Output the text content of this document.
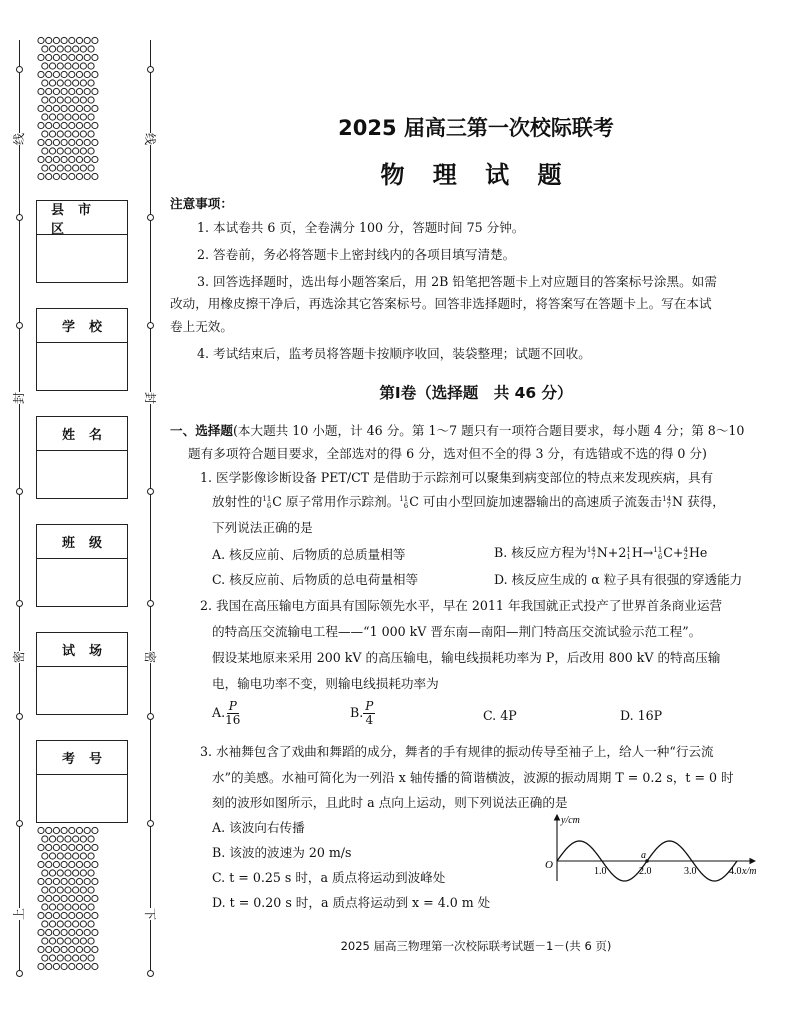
线	线
封	封
密	密
上	下
县市区
学校
姓名
班级
试场
考号
2025 届高三第一次校际联考
物 理 试 题
注意事项：
1. 本试卷共 6 页，全卷满分 100 分，答题时间 75 分钟。
2. 答卷前，务必将答题卡上密封线内的各项目填写清楚。
3. 回答选择题时，选出每小题答案后，用 2B 铅笔把答题卡上对应题目的答案标号涂黑。如需
改动，用橡皮擦干净后，再选涂其它答案标号。回答非选择题时，将答案写在答题卡上。写在本试
卷上无效。
4. 考试结束后，监考员将答题卡按顺序收回，装袋整理；试题不回收。
第Ⅰ卷（选择题　共 46 分）
一、选择题(本大题共 10 小题，计 46 分。第 1～7 题只有一项符合题目要求，每小题 4 分；第 8～10
题有多项符合题目要求，全部选对的得 6 分，选对但不全的得 3 分，有选错或不选的得 0 分)
1. 医学影像诊断设备 PET/CT 是借助于示踪剂可以聚集到病变部位的特点来发现疾病，具有
放射性的 11
6 C 原子常用作示踪剂。 11
6 C 可由小型回旋加速器输出的高速质子流轰击 14
7 N 获得，
下列说法正确的是
A. 核反应前、后物质的总质量相等	B. 核反应方程为 14
7 N+2 1
1 H→ 11
6 C+ 4
2 He
C. 核反应前、后物质的总电荷量相等	D. 核反应生成的 α 粒子具有很强的穿透能力
2. 我国在高压输电方面具有国际领先水平，早在 2011 年我国就正式投产了世界首条商业运营
的特高压交流输电工程——“1 000 kV 晋东南—南阳—荆门特高压交流试验示范工程”。
假设某地原来采用 200 kV 的高压输电，输电线损耗功率为 P，后改用 800 kV 的特高压输
电，输电功率不变，则输电线损耗功率为
A. $\frac{P}{16}$	B. $\frac{P}{4}$	C. 4P	D. 16P
3. 水袖舞包含了戏曲和舞蹈的成分，舞者的手有规律的振动传导至袖子上，给人一种“行云流
水”的美感。水袖可简化为一列沿 x 轴传播的简谐横波，波源的振动周期 T = 0.2 s，t = 0 时
刻的波形如图所示，且此时 a 点向上运动，则下列说法正确的是
A. 该波向右传播
B. 该波的波速为 20 m/s
C. t = 0.25 s 时，a 质点将运动到波峰处
D. t = 0.20 s 时，a 质点将运动到 x = 4.0 m 处
y/cm
O
x/m
1.0	2.0	3.0	4.0
a
2025 届高三物理第一次校际联考试题－1－(共 6 页)
